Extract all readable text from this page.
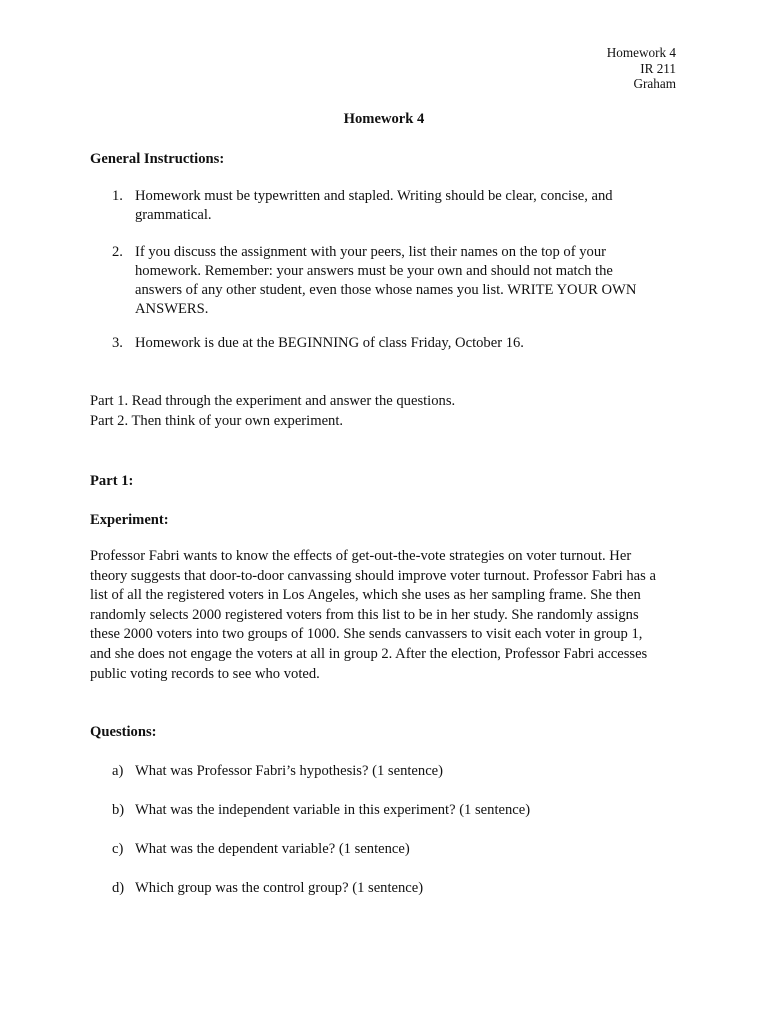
Homework 4
IR 211
Graham
Homework 4
General Instructions:
1. Homework must be typewritten and stapled. Writing should be clear, concise, and
grammatical.
2. If you discuss the assignment with your peers, list their names on the top of your
homework. Remember: your answers must be your own and should not match the
answers of any other student, even those whose names you list. WRITE YOUR OWN
ANSWERS.
3. Homework is due at the BEGINNING of class Friday, October 16.
Part 1. Read through the experiment and answer the questions.
Part 2. Then think of your own experiment.
Part 1:
Experiment:
Professor Fabri wants to know the effects of get-out-the-vote strategies on voter turnout. Her
theory suggests that door-to-door canvassing should improve voter turnout. Professor Fabri has a
list of all the registered voters in Los Angeles, which she uses as her sampling frame. She then
randomly selects 2000 registered voters from this list to be in her study. She randomly assigns
these 2000 voters into two groups of 1000. She sends canvassers to visit each voter in group 1,
and she does not engage the voters at all in group 2. After the election, Professor Fabri accesses
public voting records to see who voted.
Questions:
a) What was Professor Fabri’s hypothesis? (1 sentence)
b) What was the independent variable in this experiment? (1 sentence)
c) What was the dependent variable? (1 sentence)
d) Which group was the control group? (1 sentence)
